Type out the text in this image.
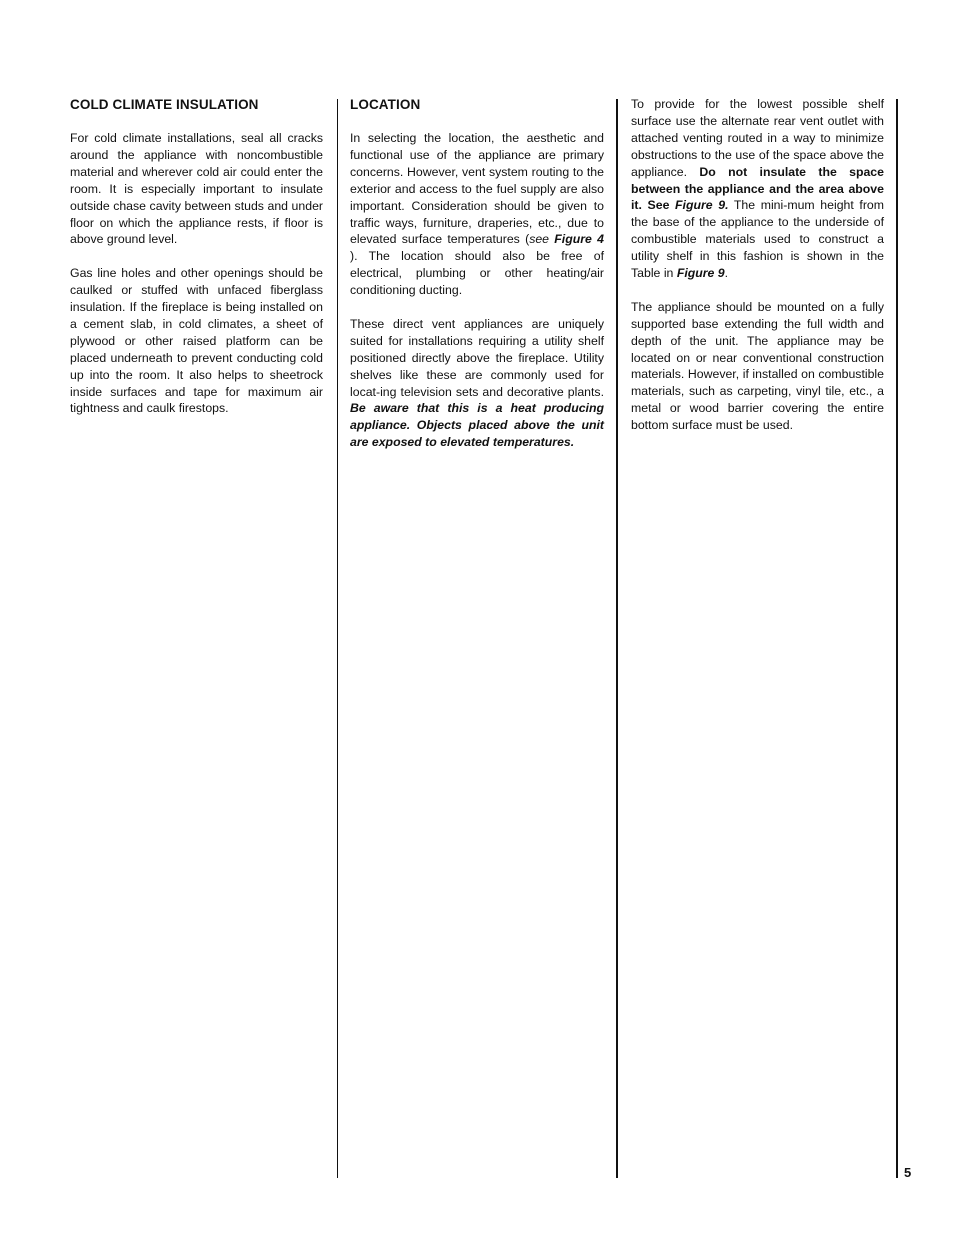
COLD CLIMATE INSULATION

For cold climate installations, seal all cracks around the appliance with noncombustible material and wherever cold air could enter the room. It is especially important to insulate outside chase cavity between studs and under floor on which the appliance rests, if floor is above ground level.

Gas line holes and other openings should be caulked or stuffed with unfaced fiberglass insulation. If the fireplace is being installed on a cement slab, in cold climates, a sheet of plywood or other raised platform can be placed underneath to prevent conducting cold up into the room. It also helps to sheetrock inside surfaces and tape for maximum air tightness and caulk firestops.

LOCATION

In selecting the location, the aesthetic and functional use of the appliance are primary concerns. However, vent system routing to the exterior and access to the fuel supply are also important. Consideration should be given to traffic ways, furniture, draperies, etc., due to elevated surface temperatures (see Figure 4 ). The location should also be free of electrical, plumbing or other heating/air conditioning ducting.

These direct vent appliances are uniquely suited for installations requiring a utility shelf positioned directly above the fireplace. Utility shelves like these are commonly used for locat-ing television sets and decorative plants. Be aware that this is a heat producing appliance. Objects placed above the unit are exposed to elevated temperatures.

To provide for the lowest possible shelf surface use the alternate rear vent outlet with attached venting routed in a way to minimize obstructions to the use of the space above the appliance. Do not insulate the space between the appliance and the area above it. See Figure 9. The mini-mum height from the base of the appliance to the underside of combustible materials used to construct a utility shelf in this fashion is shown in the Table in Figure 9.

The appliance should be mounted on a fully supported base extending the full width and depth of the unit. The appliance may be located on or near conventional construction materials. However, if installed on combustible materials, such as carpeting, vinyl tile, etc., a metal or wood barrier covering the entire bottom surface must be used.

5
